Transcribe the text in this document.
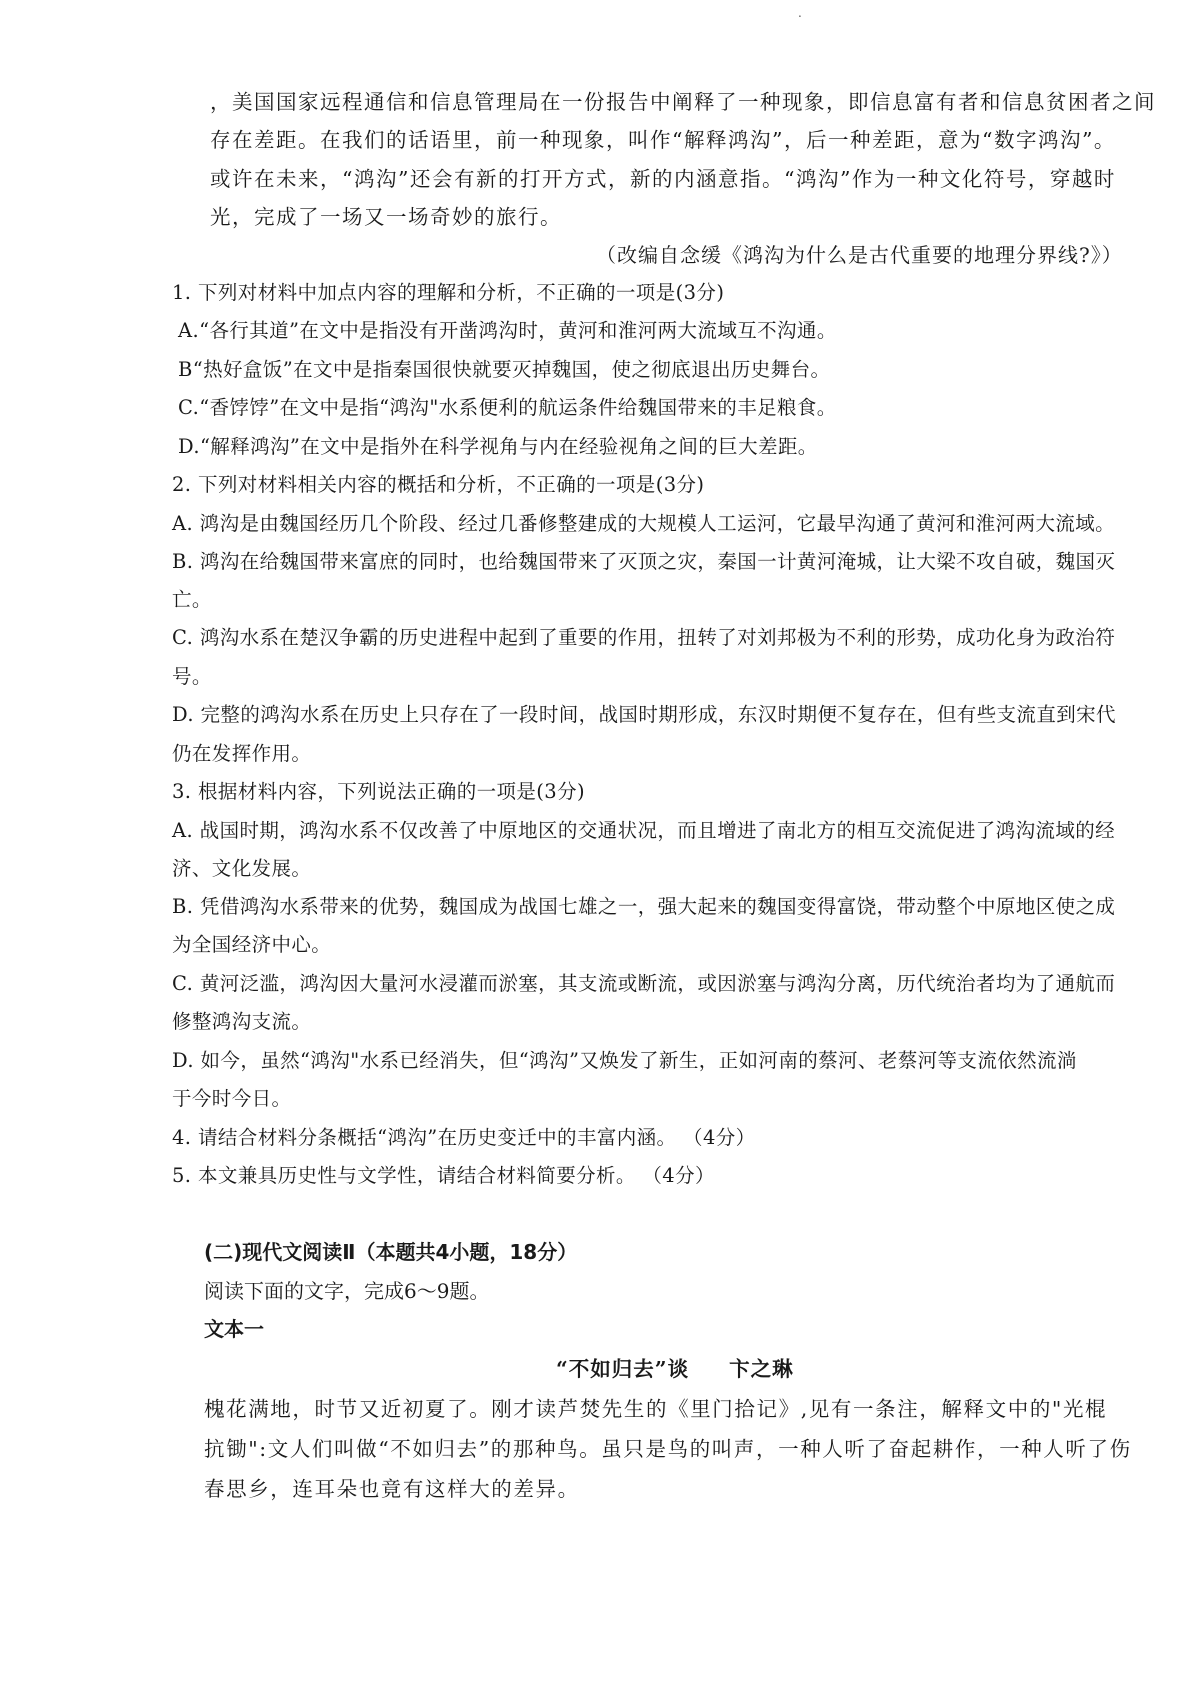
.
，美国国家远程通信和信息管理局在一份报告中阐释了一种现象，即信息富有者和信息贫困者之间
存在差距。在我们的话语里，前一种现象，叫作“解释鸿沟”，后一种差距，意为“数字鸿沟”。
或许在未来，“鸿沟”还会有新的打开方式，新的内涵意指。“鸿沟”作为一种文化符号，穿越时
光，完成了一场又一场奇妙的旅行。
（改编自念缓《鸿沟为什么是古代重要的地理分界线?》）
1. 下列对材料中加点内容的理解和分析，不正确的一项是(3分)
A.“各行其道”在文中是指没有开凿鸿沟时，黄河和淮河两大流域互不沟通。
B“热好盒饭”在文中是指秦国很快就要灭掉魏国，使之彻底退出历史舞台。
C.“香饽饽”在文中是指“鸿沟"水系便利的航运条件给魏国带来的丰足粮食。
D.“解释鸿沟”在文中是指外在科学视角与内在经验视角之间的巨大差距。
2. 下列对材料相关内容的概括和分析，不正确的一项是(3分)
A. 鸿沟是由魏国经历几个阶段、经过几番修整建成的大规模人工运河，它最早沟通了黄河和淮河两大流域。
B. 鸿沟在给魏国带来富庶的同时，也给魏国带来了灭顶之灾，秦国一计黄河淹城，让大梁不攻自破，魏国灭
亡。
C. 鸿沟水系在楚汉争霸的历史进程中起到了重要的作用，扭转了对刘邦极为不利的形势，成功化身为政治符
号。
D. 完整的鸿沟水系在历史上只存在了一段时间，战国时期形成，东汉时期便不复存在，但有些支流直到宋代
仍在发挥作用。
3. 根据材料内容，下列说法正确的一项是(3分)
A. 战国时期，鸿沟水系不仅改善了中原地区的交通状况，而且增进了南北方的相互交流促进了鸿沟流域的经
济、文化发展。
B. 凭借鸿沟水系带来的优势，魏国成为战国七雄之一，强大起来的魏国变得富饶，带动整个中原地区使之成
为全国经济中心。
C. 黄河泛滥，鸿沟因大量河水浸灌而淤塞，其支流或断流，或因淤塞与鸿沟分离，历代统治者均为了通航而
修整鸿沟支流。
D. 如今，虽然“鸿沟"水系已经消失，但“鸿沟”又焕发了新生，正如河南的蔡河、老蔡河等支流依然流淌
于今时今日。
4. 请结合材料分条概括“鸿沟”在历史变迁中的丰富内涵。 （4分）
5. 本文兼具历史性与文学性，请结合材料简要分析。 （4分）
(二)现代文阅读Ⅱ（本题共4小题，18分）
阅读下面的文字，完成6～9题。
文本一
“不如归去”谈 卞之琳
槐花满地，时节又近初夏了。刚才读芦焚先生的《里门拾记》,见有一条注，解释文中的"光棍
抗锄":文人们叫做“不如归去”的那种鸟。虽只是鸟的叫声，一种人听了奋起耕作，一种人听了伤
春思乡，连耳朵也竟有这样大的差异。
